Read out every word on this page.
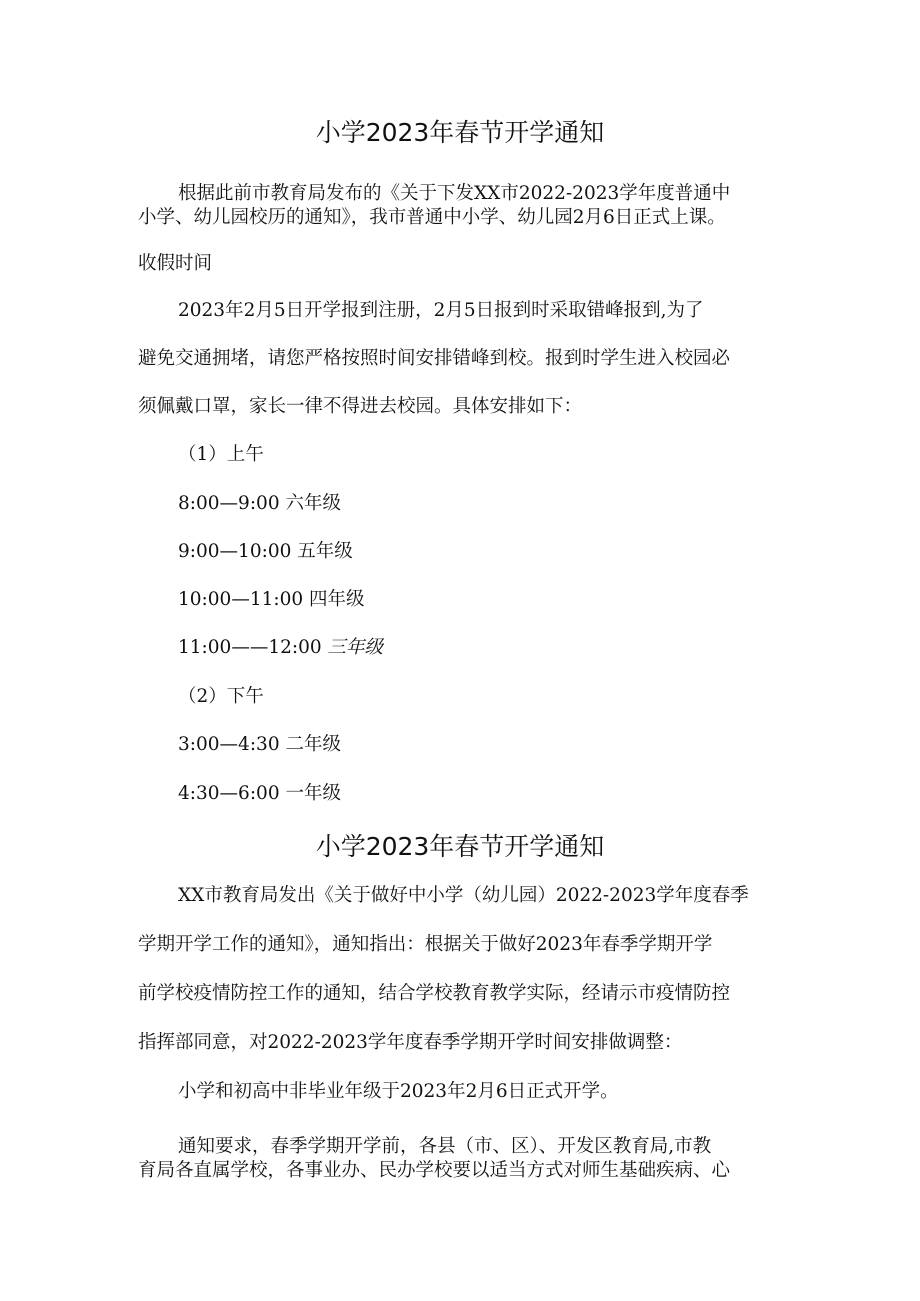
小学2023年春节开学通知
根据此前市教育局发布的《关于下发XX市2022-2023学年度普通中
小学、幼儿园校历的通知》，我市普通中小学、幼儿园2月6日正式上课。
收假时间
2023年2月5日开学报到注册，2月5日报到时采取错峰报到,为了
避免交通拥堵，请您严格按照时间安排错峰到校。报到时学生进入校园必
须佩戴口罩，家长一律不得进去校园。具体安排如下：
（1）上午
8:00—9:00 六年级
9:00—10:00 五年级
10:00—11:00 四年级
11:00——12:00 三年级
（2）下午
3:00—4:30 二年级
4:30—6:00 一年级
小学2023年春节开学通知
XX市教育局发出《关于做好中小学（幼儿园）2022-2023学年度春季
学期开学工作的通知》，通知指出：根据关于做好2023年春季学期开学
前学校疫情防控工作的通知，结合学校教育教学实际，经请示市疫情防控
指挥部同意，对2022-2023学年度春季学期开学时间安排做调整：
小学和初高中非毕业年级于2023年2月6日正式开学。
通知要求，春季学期开学前，各县（市、区）、开发区教育局,市教
育局各直属学校，各事业办、民办学校要以适当方式对师生基础疾病、心
